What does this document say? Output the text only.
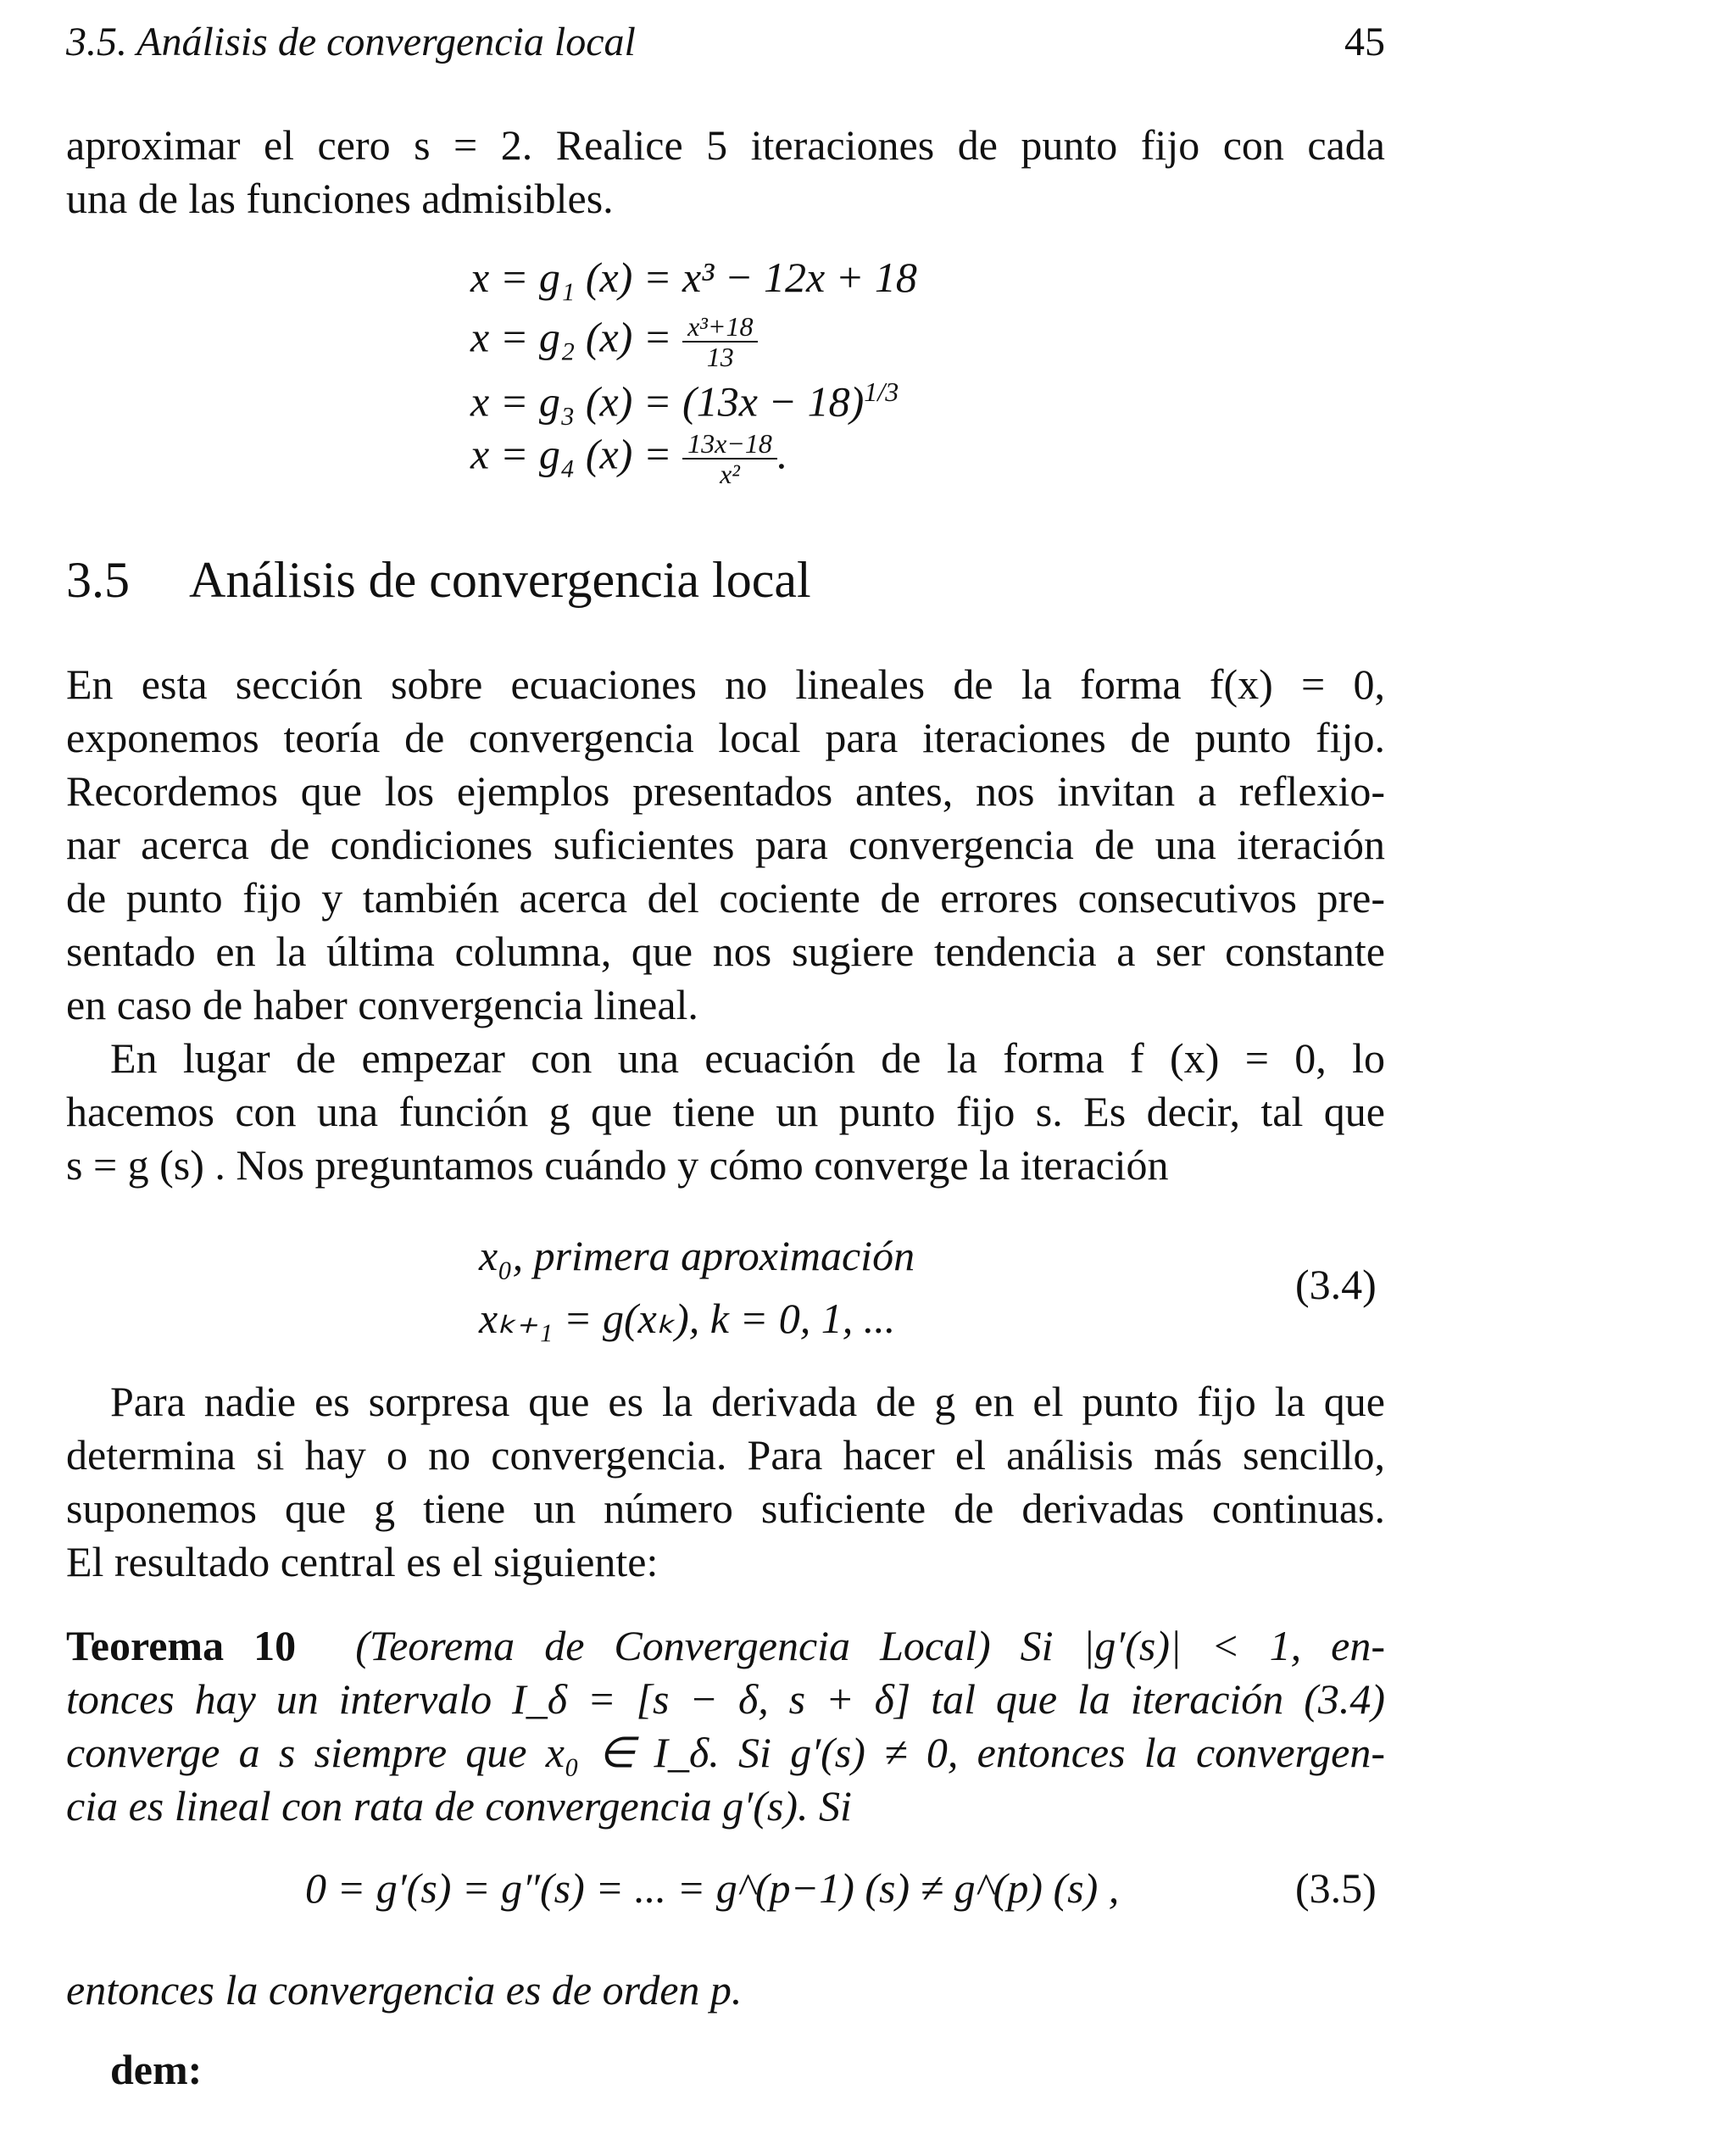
3.5. Análisis de convergencia local	45
aproximar el cero s = 2. Realice 5 iteraciones de punto fijo con cada
una de las funciones admisibles.
x = g₁ (x) = x³ − 12x + 18
x = g₂ $(x) = \frac{\text{x³+18}}{13}$
x = g₃ $(x) = (13x - 18)^{1/3}$
x = g₄ $(x) = \frac{13x-18}{\text{x²}}$ .
3.5 Análisis de convergencia local
En esta sección sobre ecuaciones no lineales de la forma f(x) = 0,
exponemos teoría de convergencia local para iteraciones de punto fijo.
Recordemos que los ejemplos presentados antes, nos invitan a reflexio-
nar acerca de condiciones suficientes para convergencia de una iteración
de punto fijo y también acerca del cociente de errores consecutivos pre-
sentado en la última columna, que nos sugiere tendencia a ser constante
en caso de haber convergencia lineal.
En lugar de empezar con una ecuación de la forma f (x) = 0, lo
hacemos con una función g que tiene un punto fijo s. Es decir, tal que
s = g (s) . Nos preguntamos cuándo y cómo converge la iteración
x₀, primera aproximación
xₖ₊₁ = g(xₖ), k = 0, 1, ...
(3.4)
Para nadie es sorpresa que es la derivada de g en el punto fijo la que
determina si hay o no convergencia. Para hacer el análisis más sencillo,
suponemos que g tiene un número suficiente de derivadas continuas.
El resultado central es el siguiente:
Teorema 10 (Teorema de Convergencia Local) Si |g′(s)| < 1, en-
tonces hay un intervalo I_δ = [s − δ, s + δ] tal que la iteración (3.4)
converge a s siempre que x₀ ∈ I_δ. Si g′(s) ≠ 0, entonces la convergen-
cia es lineal con rata de convergencia g′(s). Si
0 = g′(s) = g″(s) = ... = g^(p−1) (s) ≠ g^(p) (s) ,	(3.5)
entonces la convergencia es de orden p.
dem:
